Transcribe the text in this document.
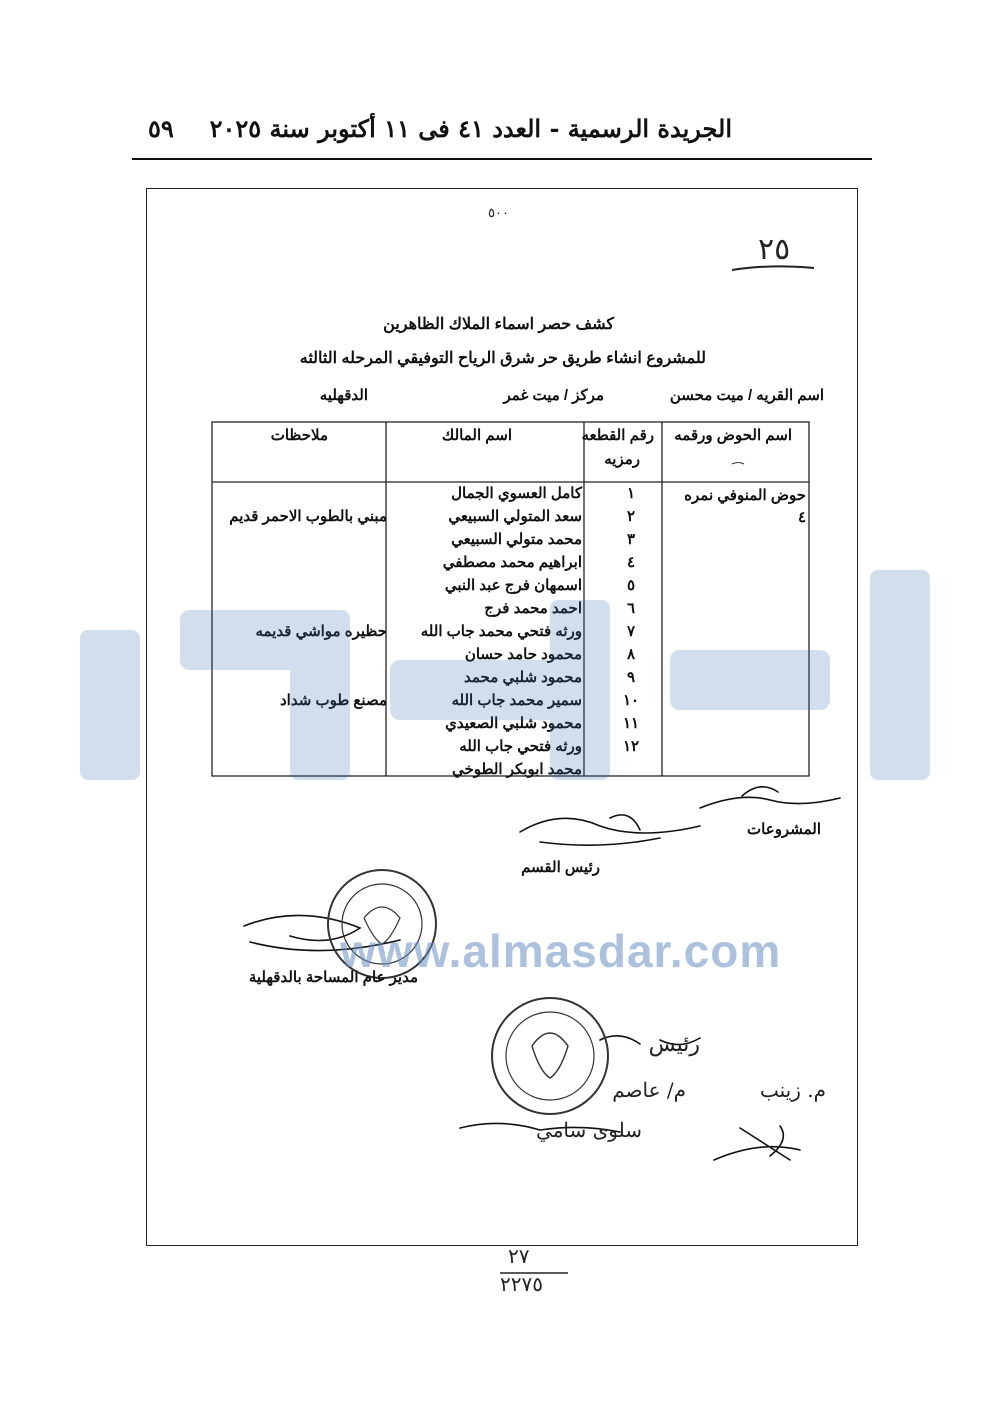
الجريدة الرسمية - العدد ٤١ فى ١١ أكتوبر سنة ٢٠٢٥
٥٩
٥٠٠
٢٥
كشف حصر اسماء الملاك الظاهرين
للمشروع انشاء طريق حر شرق الرياح التوفيقي المرحله الثالثه
اسم القريه / ميت محسن
مركز / ميت غمر
الدقهليه
اسم الحوض ورقمه
رقم القطعه
رمزيه
اسم المالك
ملاحظات
حوض المنوفي نمره
٤
١
كامل العسوي الجمال
٢
سعد المتولي السبيعي
مبني بالطوب الاحمر قديم
٣
محمد متولي السبيعي
٤
ابراهيم محمد مصطفي
٥
اسمهان فرج عبد النبي
٦
احمد محمد فرج
٧
ورثه فتحي محمد جاب الله
حظيره مواشي قديمه
٨
محمود حامد حسان
٩
محمود شلبي محمد
١٠
سمير محمد جاب الله
مصنع طوب شداد
١١
محمود شلبي الصعيدي
١٢
ورثه فتحي جاب الله
محمد ابوبكر الطوخي
المشروعات
رئيس القسم
مدير عام المساحة بالدقهلية
رئيس
م/ عاصم	م. زينب
سلوى سامي
٢٧
٢٢٧٥
www.almasdar.com
